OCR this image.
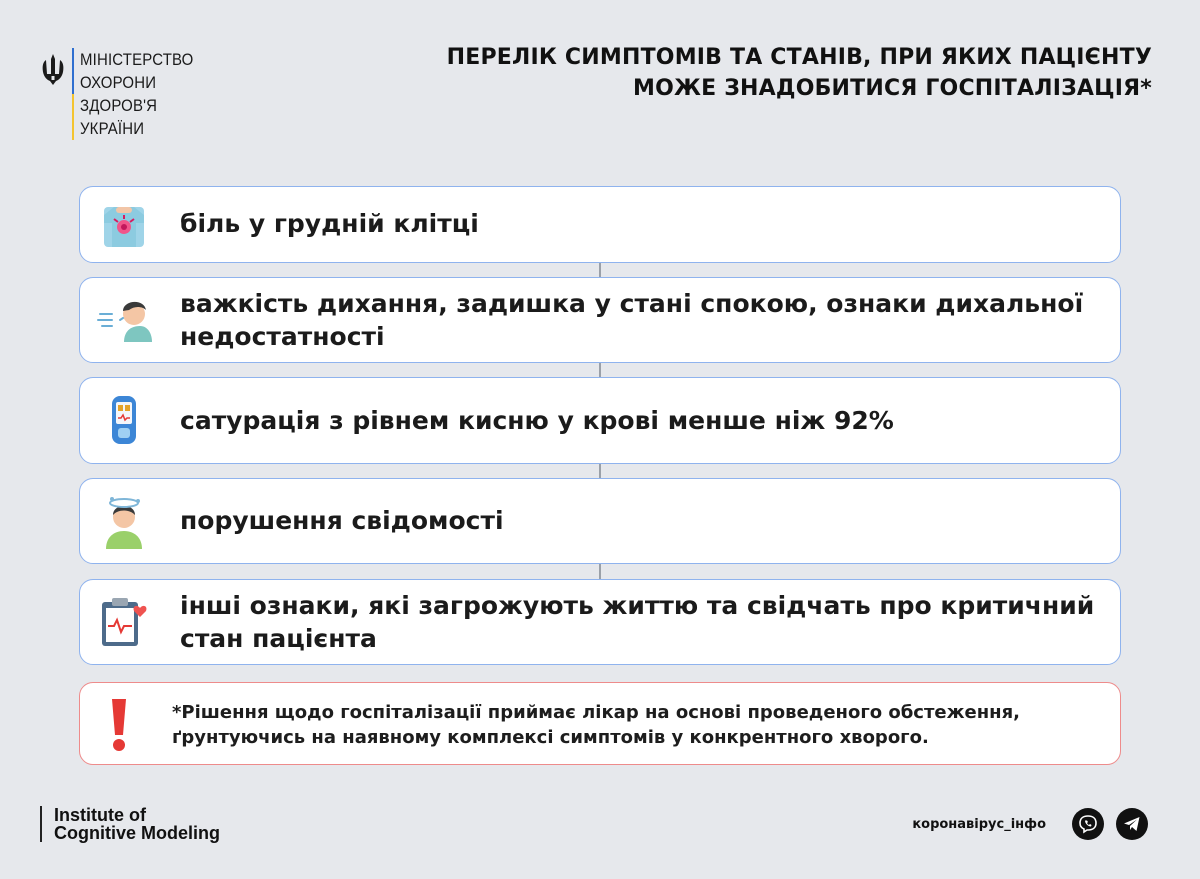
МІНІСТЕРСТВО
ОХОРОНИ
ЗДОРОВ'Я
УКРАЇНИ
ПЕРЕЛІК СИМПТОМІВ ТА СТАНІВ, ПРИ ЯКИХ ПАЦІЄНТУ
МОЖЕ ЗНАДОБИТИСЯ ГОСПІТАЛІЗАЦІЯ*
біль у грудній клітці
важкість дихання, задишка у стані спокою, ознаки дихальної недостатності
сатурація з рівнем кисню у крові менше ніж 92%
порушення свідомості
інші ознаки, які загрожують життю та свідчать про критичний стан пацієнта
*Рішення щодо госпіталізації приймає лікар на основі проведеного обстеження, ґрунтуючись на наявному комплексі симптомів у конкрентного хворого.
Institute of
Cognitive Modeling	коронавірус_інфо
